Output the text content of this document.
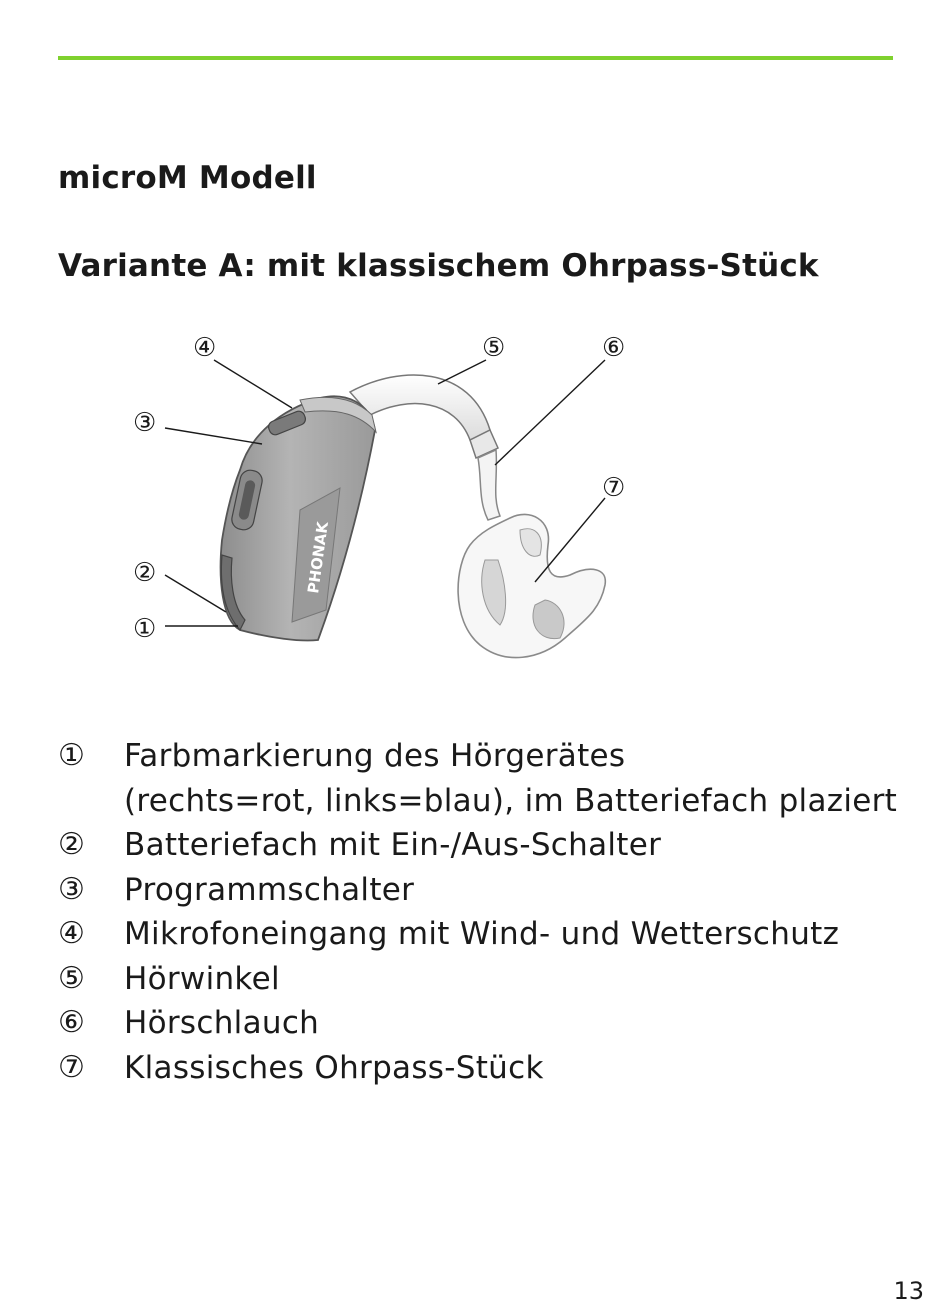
microM Modell
Variante A: mit klassischem Ohrpass-Stück
PHONAK
④	⑤	⑥
③
⑦
②
①
①	Farbmarkierung des Hörgerätes
(rechts=rot, links=blau), im Batteriefach plaziert
②	Batteriefach mit Ein-/Aus-Schalter
③	Programmschalter
④	Mikrofoneingang mit Wind- und Wetterschutz
⑤	Hörwinkel
⑥	Hörschlauch
⑦	Klassisches Ohrpass-Stück
13
